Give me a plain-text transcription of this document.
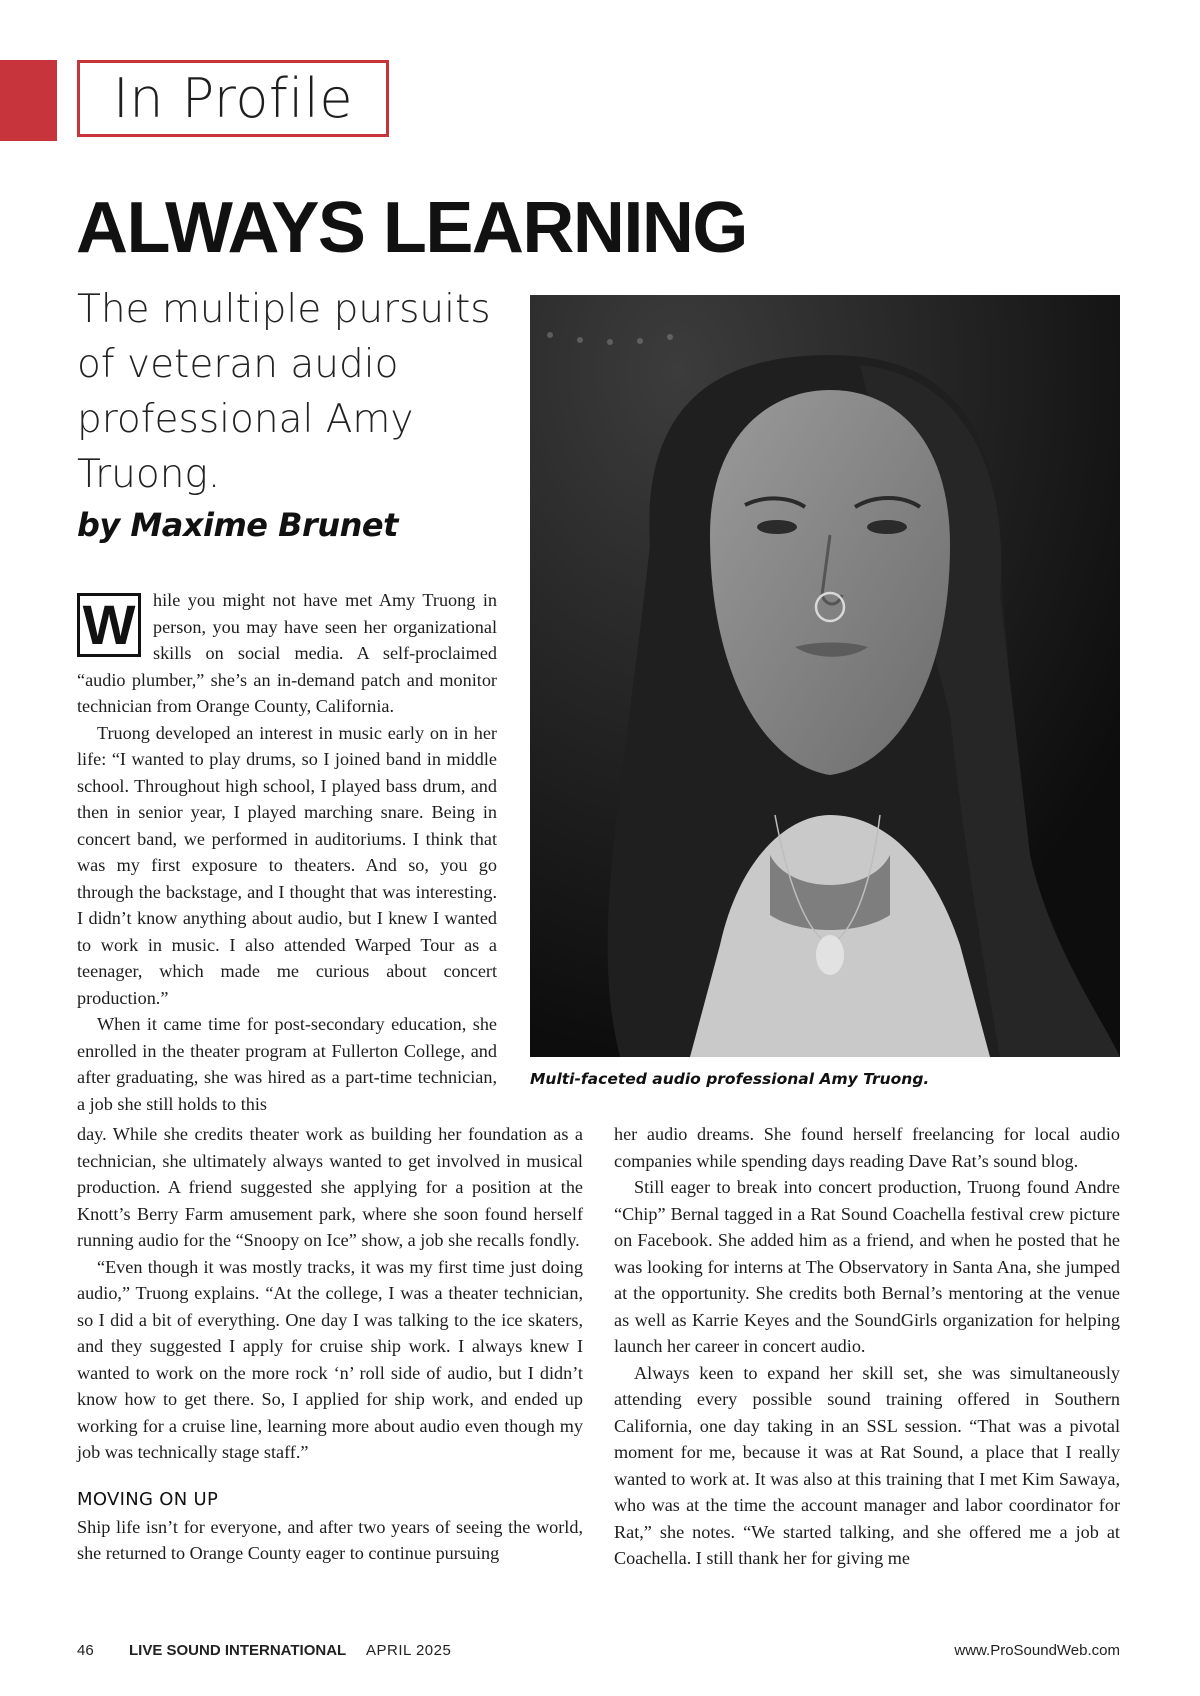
In Profile
ALWAYS LEARNING

The multiple pursuits of veteran audio professional Amy Truong.

by Maxime Brunet

Multi-faceted audio professional Amy Truong.

W hile you might not have met Amy Truong in person, you may have seen her organizational skills on social media. A self-proclaimed “audio plumber,” she’s an in-demand patch and monitor technician from Orange County, California.

Truong developed an interest in music early on in her life: “I wanted to play drums, so I joined band in middle school. Throughout high school, I played bass drum, and then in senior year, I played marching snare. Being in concert band, we performed in auditoriums. I think that was my first exposure to theaters. And so, you go through the backstage, and I thought that was interesting. I didn’t know anything about audio, but I knew I wanted to work in music. I also attended Warped Tour as a teenager, which made me curious about concert production.”

When it came time for post-secondary education, she enrolled in the theater program at Fullerton College, and after graduating, she was hired as a part-time technician, a job she still holds to this

day. While she credits theater work as building her foundation as a technician, she ultimately always wanted to get involved in musical production. A friend suggested she applying for a position at the Knott’s Berry Farm amusement park, where she soon found herself running audio for the “Snoopy on Ice” show, a job she recalls fondly.

“Even though it was mostly tracks, it was my first time just doing audio,” Truong explains. “At the college, I was a theater technician, so I did a bit of everything. One day I was talking to the ice skaters, and they suggested I apply for cruise ship work. I always knew I wanted to work on the more rock ‘n’ roll side of audio, but I didn’t know how to get there. So, I applied for ship work, and ended up working for a cruise line, learning more about audio even though my job was technically stage staff.”

MOVING ON UP

Ship life isn’t for everyone, and after two years of seeing the world, she returned to Orange County eager to continue pursuing

her audio dreams. She found herself freelancing for local audio companies while spending days reading Dave Rat’s sound blog.

Still eager to break into concert production, Truong found Andre “Chip” Bernal tagged in a Rat Sound Coachella festival crew picture on Facebook. She added him as a friend, and when he posted that he was looking for interns at The Observatory in Santa Ana, she jumped at the opportunity. She credits both Bernal’s mentoring at the venue as well as Karrie Keyes and the SoundGirls organization for helping launch her career in concert audio.

Always keen to expand her skill set, she was simultaneously attending every possible sound training offered in Southern California, one day taking in an SSL session. “That was a pivotal moment for me, because it was at Rat Sound, a place that I really wanted to work at. It was also at this training that I met Kim Sawaya, who was at the time the account manager and labor coordinator for Rat,” she notes. “We started talking, and she offered me a job at Coachella. I still thank her for giving me

46 LIVE SOUND INTERNATIONAL APRIL 2025	www.ProSoundWeb.com
